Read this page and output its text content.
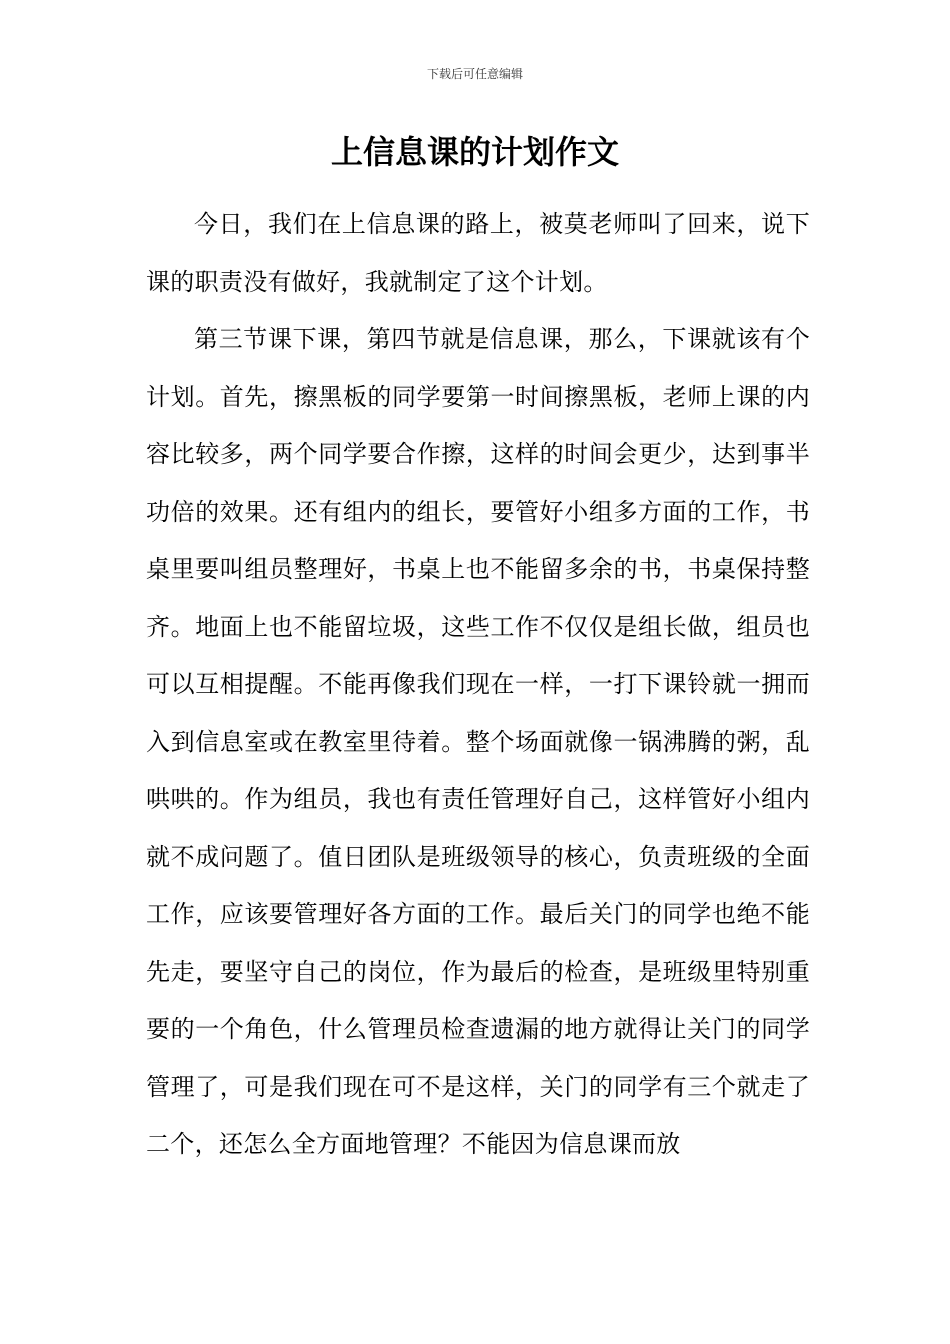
下载后可任意编辑
上信息课的计划作文

今日，我们在上信息课的路上，被莫老师叫了回来，说下课的职责没有做好，我就制定了这个计划。

第三节课下课，第四节就是信息课，那么，下课就该有个计划。首先，擦黑板的同学要第一时间擦黑板，老师上课的内容比较多，两个同学要合作擦，这样的时间会更少，达到事半功倍的效果。还有组内的组长，要管好小组多方面的工作，书桌里要叫组员整理好，书桌上也不能留多余的书，书桌保持整齐。地面上也不能留垃圾，这些工作不仅仅是组长做，组员也可以互相提醒。不能再像我们现在一样，一打下课铃就一拥而入到信息室或在教室里待着。整个场面就像一锅沸腾的粥，乱哄哄的。作为组员，我也有责任管理好自己，这样管好小组内就不成问题了。值日团队是班级领导的核心，负责班级的全面工作，应该要管理好各方面的工作。最后关门的同学也绝不能先走，要坚守自己的岗位，作为最后的检查，是班级里特别重要的一个角色，什么管理员检查遗漏的地方就得让关门的同学管理了，可是我们现在可不是这样，关门的同学有三个就走了二个，还怎么全方面地管理？不能因为信息课而放
